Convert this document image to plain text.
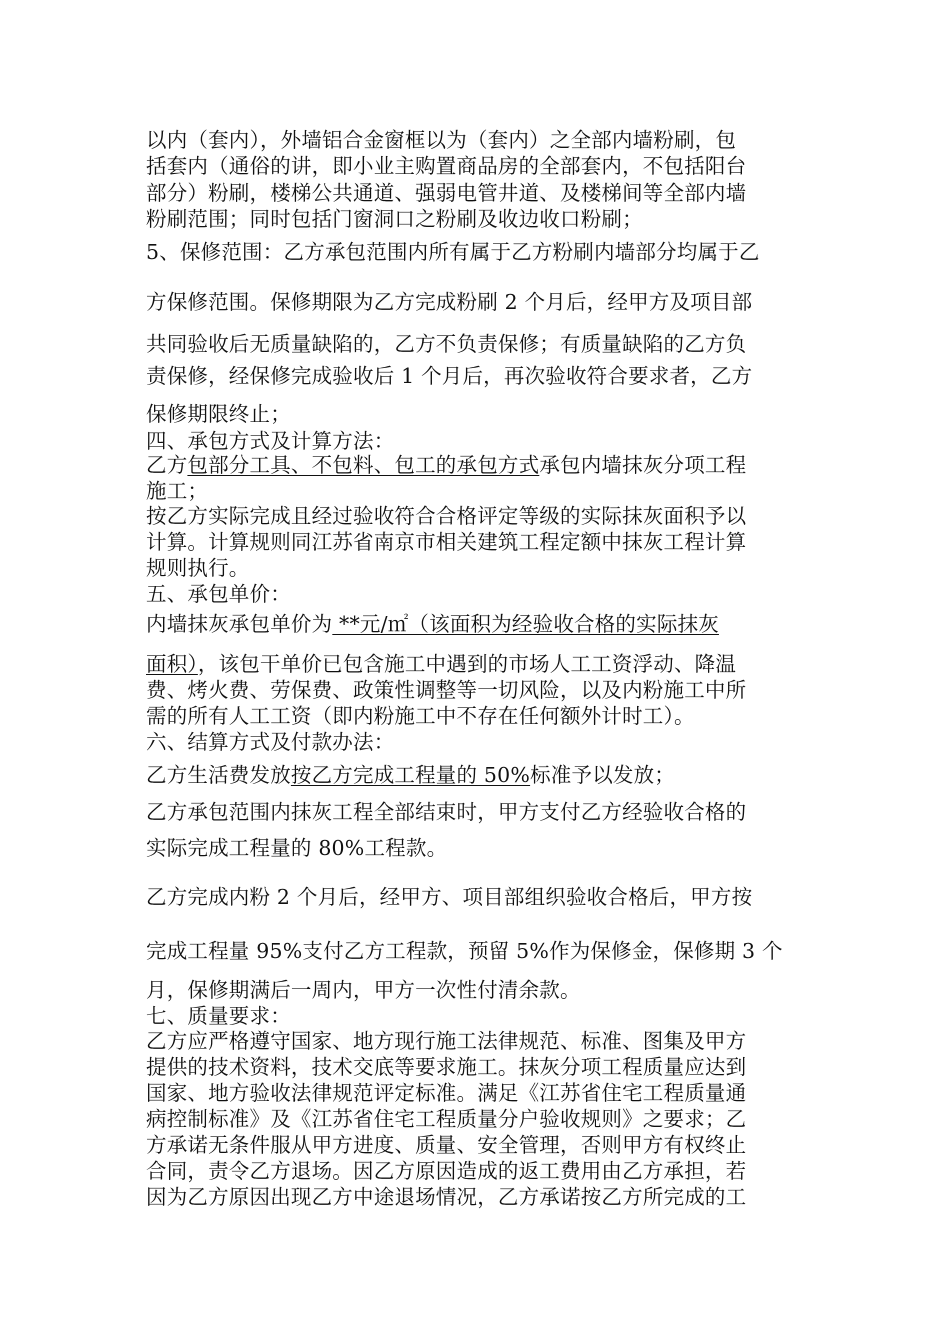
以内（套内），外墙铝合金窗框以为（套内）之全部内墙粉刷，包
括套内（通俗的讲，即小业主购置商品房的全部套内，不包括阳台
部分）粉刷，楼梯公共通道、强弱电管井道、及楼梯间等全部内墙
粉刷范围；同时包括门窗洞口之粉刷及收边收口粉刷；
5、保修范围：乙方承包范围内所有属于乙方粉刷内墙部分均属于乙
方保修范围。保修期限为乙方完成粉刷 2 个月后，经甲方及项目部
共同验收后无质量缺陷的，乙方不负责保修；有质量缺陷的乙方负
责保修，经保修完成验收后 1 个月后，再次验收符合要求者，乙方
保修期限终止；
四、承包方式及计算方法：
乙方包部分工具、不包料、包工的承包方式承包内墙抹灰分项工程
施工；
按乙方实际完成且经过验收符合合格评定等级的实际抹灰面积予以
计算。计算规则同江苏省南京市相关建筑工程定额中抹灰工程计算
规则执行。
五、承包单价：
内墙抹灰承包单价为 **元/㎡（该面积为经验收合格的实际抹灰
面积），该包干单价已包含施工中遇到的市场人工工资浮动、降温
费、烤火费、劳保费、政策性调整等一切风险，以及内粉施工中所
需的所有人工工资（即内粉施工中不存在任何额外计时工）。
六、结算方式及付款办法：
乙方生活费发放按乙方完成工程量的 50%标准予以发放；
乙方承包范围内抹灰工程全部结束时，甲方支付乙方经验收合格的
实际完成工程量的 80%工程款。
乙方完成内粉 2 个月后，经甲方、项目部组织验收合格后，甲方按
完成工程量 95%支付乙方工程款，预留 5%作为保修金，保修期 3 个
月，保修期满后一周内，甲方一次性付清余款。
七、质量要求：
乙方应严格遵守国家、地方现行施工法律规范、标准、图集及甲方
提供的技术资料，技术交底等要求施工。抹灰分项工程质量应达到
国家、地方验收法律规范评定标准。满足《江苏省住宅工程质量通
病控制标准》及《江苏省住宅工程质量分户验收规则》之要求；乙
方承诺无条件服从甲方进度、质量、安全管理，否则甲方有权终止
合同，责令乙方退场。因乙方原因造成的返工费用由乙方承担，若
因为乙方原因出现乙方中途退场情况，乙方承诺按乙方所完成的工
